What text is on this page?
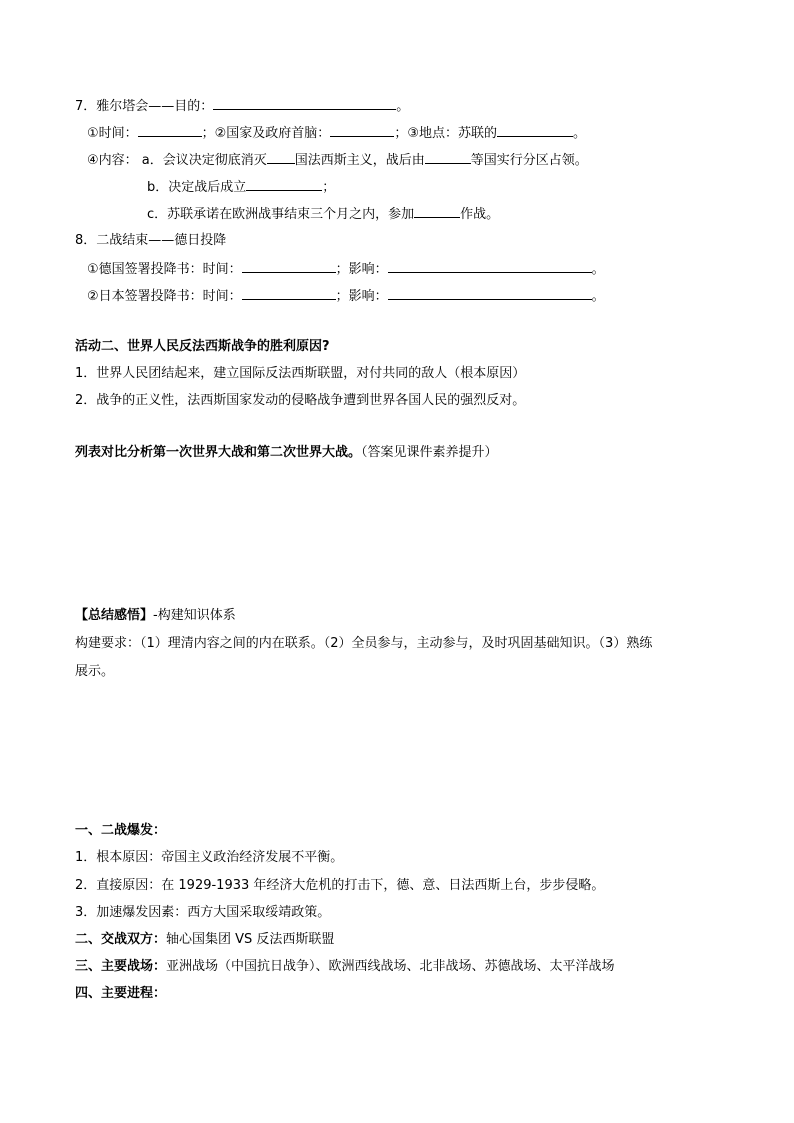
7．雅尔塔会——目的：	。
①时间：	；②国家及政府首脑：	；③地点：苏联的	。
④内容： a．会议决定彻底消灭 国法西斯主义，战后由	等国实行分区占领。
b．决定战后成立	；
c．苏联承诺在欧洲战事结束三个月之内，参加	作战。
8．二战结束——德日投降
①德国签署投降书：时间：	；影响：	。
②日本签署投降书：时间：	；影响：	。
活动二、世界人民反法西斯战争的胜利原因?
1．世界人民团结起来，建立国际反法西斯联盟，对付共同的敌人（根本原因）
2．战争的正义性，法西斯国家发动的侵略战争遭到世界各国人民的强烈反对。
列表对比分析第一次世界大战和第二次世界大战。（答案见课件素养提升）
【总结感悟】-构建知识体系
构建要求：（1）理清内容之间的内在联系。（2）全员参与，主动参与，及时巩固基础知识。（3）熟练
展示。
一、二战爆发：
1．根本原因：帝国主义政治经济发展不平衡。
2．直接原因：在 1929-1933 年经济大危机的打击下，德、意、日法西斯上台，步步侵略。
3．加速爆发因素：西方大国采取绥靖政策。
二、交战双方：轴心国集团 VS 反法西斯联盟
三、主要战场：亚洲战场（中国抗日战争）、欧洲西线战场、北非战场、苏德战场、太平洋战场
四、主要进程：
